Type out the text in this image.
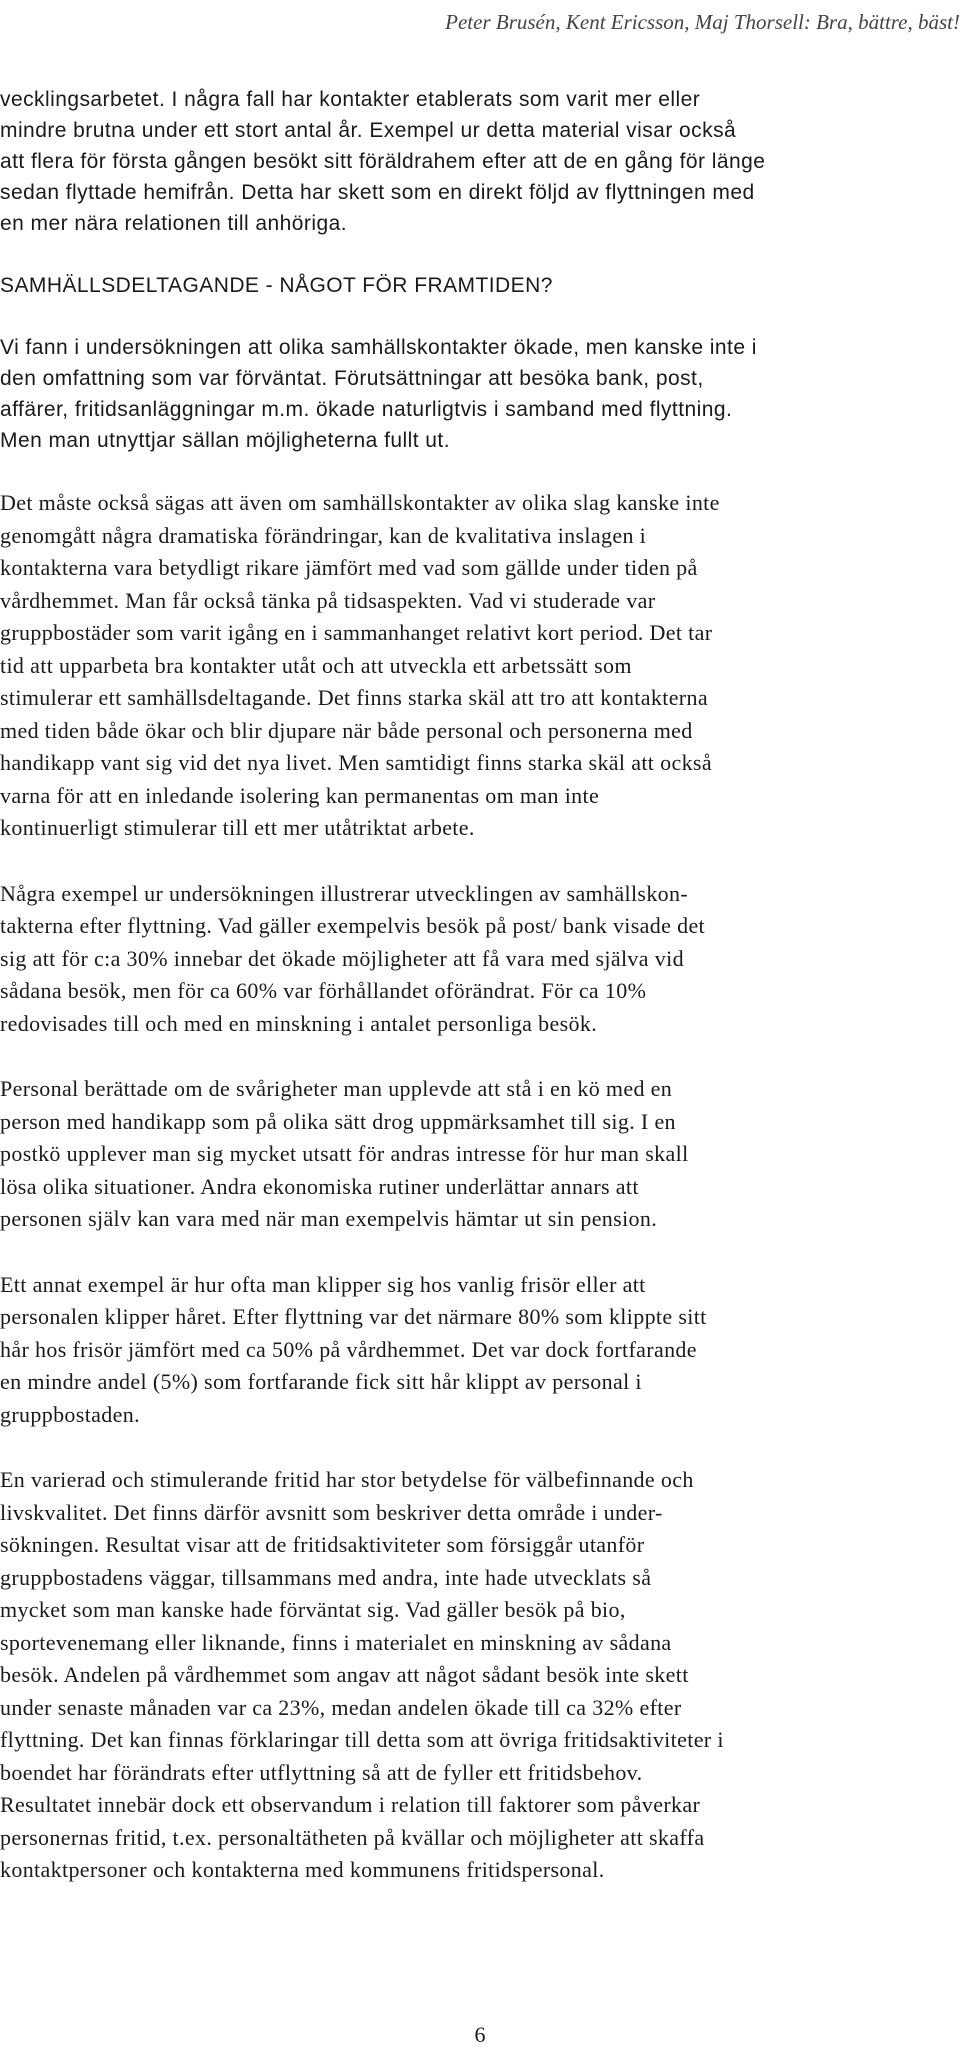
Peter Brusén, Kent Ericsson, Maj Thorsell: Bra, bättre, bäst!

vecklingsarbetet. I några fall har kontakter etablerats som varit mer eller
mindre brutna under ett stort antal år. Exempel ur detta material visar också
att flera för första gången besökt sitt föräldrahem efter att de en gång för länge
sedan flyttade hemifrån. Detta har skett som en direkt följd av flyttningen med
en mer nära relationen till anhöriga.

SAMHÄLLSDELTAGANDE - NÅGOT FÖR FRAMTIDEN?

Vi fann i undersökningen att olika samhällskontakter ökade, men kanske inte i
den omfattning som var förväntat. Förutsättningar att besöka bank, post,
affärer, fritidsanläggningar m.m. ökade naturligtvis i samband med flyttning.
Men man utnyttjar sällan möjligheterna fullt ut.

Det måste också sägas att även om samhällskontakter av olika slag kanske inte
genomgått några dramatiska förändringar, kan de kvalitativa inslagen i
kontakterna vara betydligt rikare jämfört med vad som gällde under tiden på
vårdhemmet. Man får också tänka på tidsaspekten. Vad vi studerade var
gruppbostäder som varit igång en i sammanhanget relativt kort period. Det tar
tid att upparbeta bra kontakter utåt och att utveckla ett arbetssätt som
stimulerar ett samhällsdeltagande. Det finns starka skäl att tro att kontakterna
med tiden både ökar och blir djupare när både personal och personerna med
handikapp vant sig vid det nya livet. Men samtidigt finns starka skäl att också
varna för att en inledande isolering kan permanentas om man inte
kontinuerligt stimulerar till ett mer utåtriktat arbete.

Några exempel ur undersökningen illustrerar utvecklingen av samhällskon-
takterna efter flyttning. Vad gäller exempelvis besök på post/ bank visade det
sig att för c:a 30% innebar det ökade möjligheter att få vara med själva vid
sådana besök, men för ca 60% var förhållandet oförändrat. För ca 10%
redovisades till och med en minskning i antalet personliga besök.

Personal berättade om de svårigheter man upplevde att stå i en kö med en
person med handikapp som på olika sätt drog uppmärksamhet till sig. I en
postkö upplever man sig mycket utsatt för andras intresse för hur man skall
lösa olika situationer. Andra ekonomiska rutiner underlättar annars att
personen själv kan vara med när man exempelvis hämtar ut sin pension.

Ett annat exempel är hur ofta man klipper sig hos vanlig frisör eller att
personalen klipper håret. Efter flyttning var det närmare 80% som klippte sitt
hår hos frisör jämfört med ca 50% på vårdhemmet. Det var dock fortfarande
en mindre andel (5%) som fortfarande fick sitt hår klippt av personal i
gruppbostaden.

En varierad och stimulerande fritid har stor betydelse för välbefinnande och
livskvalitet. Det finns därför avsnitt som beskriver detta område i under-
sökningen. Resultat visar att de fritidsaktiviteter som försiggår utanför
gruppbostadens väggar, tillsammans med andra, inte hade utvecklats så
mycket som man kanske hade förväntat sig. Vad gäller besök på bio,
sportevenemang eller liknande, finns i materialet en minskning av sådana
besök. Andelen på vårdhemmet som angav att något sådant besök inte skett
under senaste månaden var ca 23%, medan andelen ökade till ca 32% efter
flyttning. Det kan finnas förklaringar till detta som att övriga fritidsaktiviteter i
boendet har förändrats efter utflyttning så att de fyller ett fritidsbehov.
Resultatet innebär dock ett observandum i relation till faktorer som påverkar
personernas fritid, t.ex. personaltätheten på kvällar och möjligheter att skaffa
kontaktpersoner och kontakterna med kommunens fritidspersonal.

6
